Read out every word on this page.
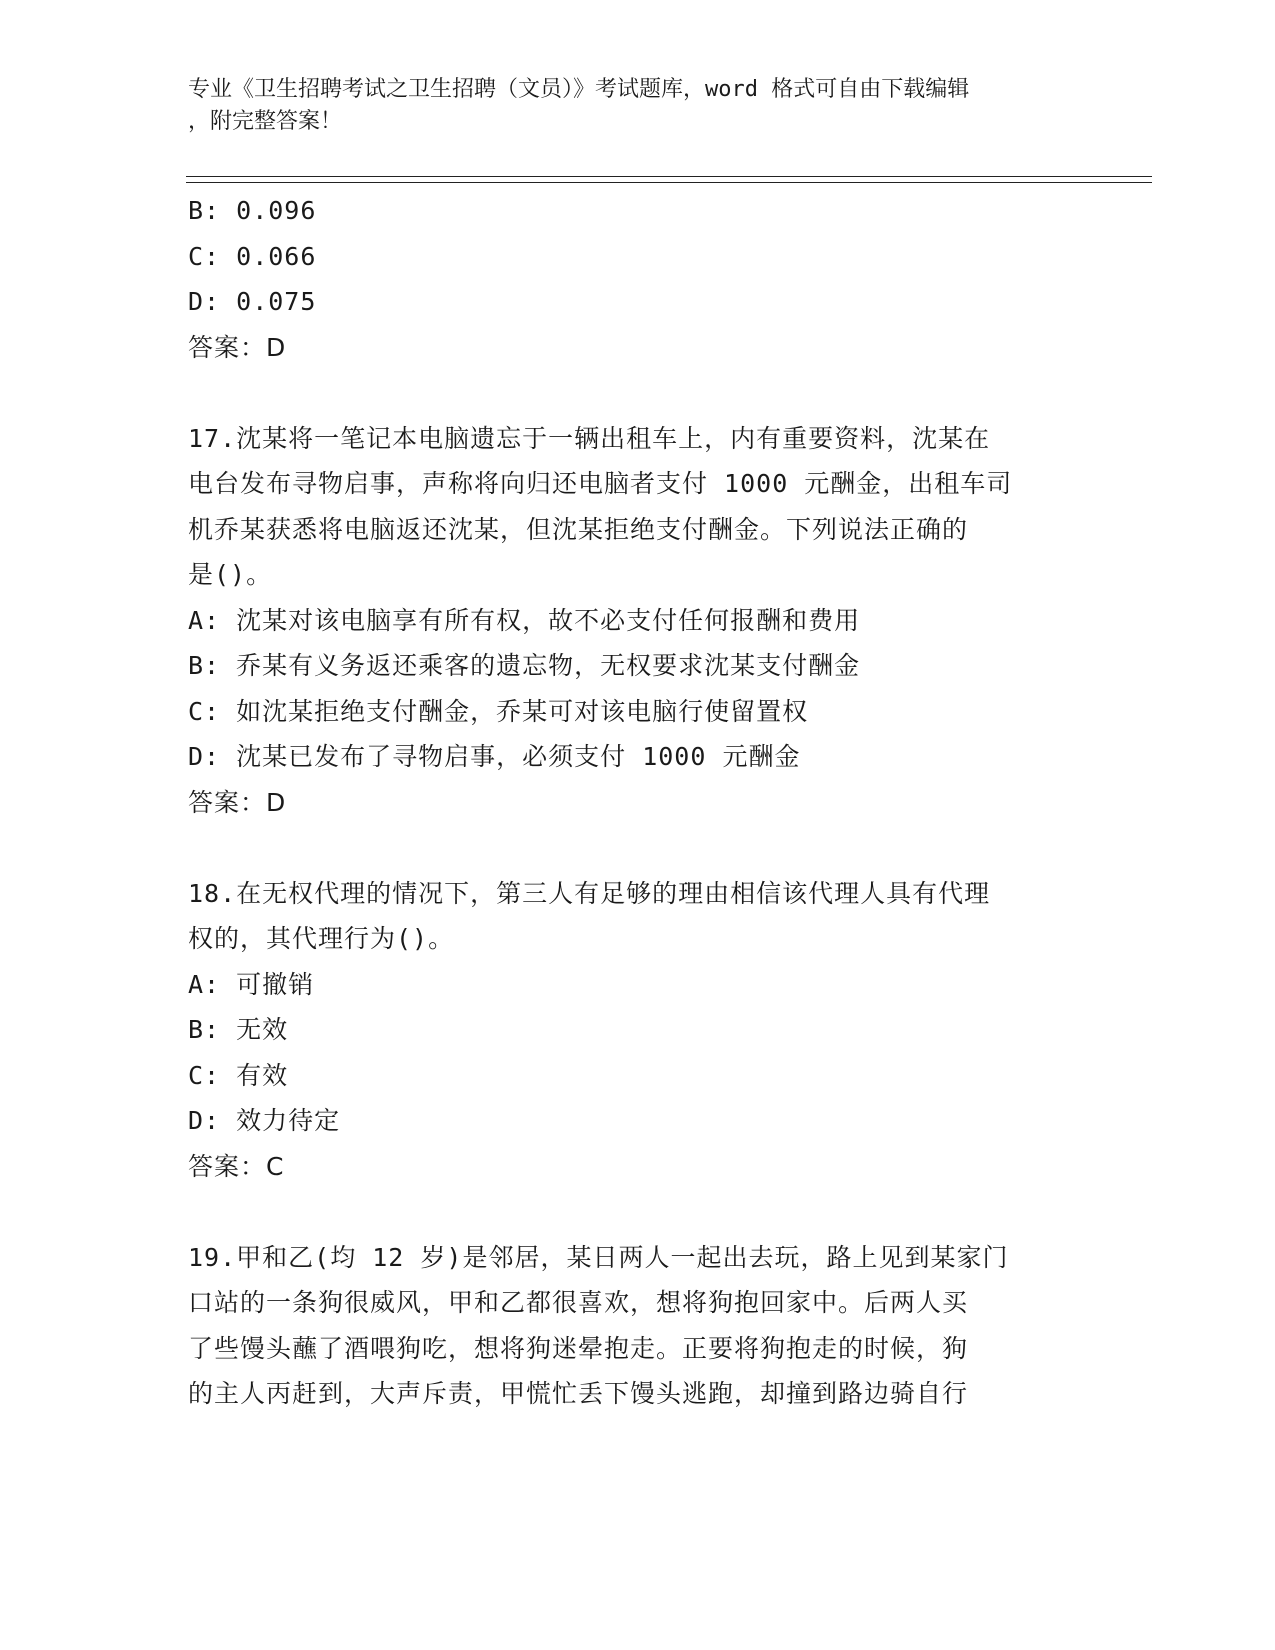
专业《卫生招聘考试之卫生招聘（文员）》考试题库，word 格式可自由下载编辑
，附完整答案！
B: 0.096
C: 0.066
D: 0.075
答案：D
17.沈某将一笔记本电脑遗忘于一辆出租车上，内有重要资料，沈某在
电台发布寻物启事，声称将向归还电脑者支付 1000 元酬金，出租车司
机乔某获悉将电脑返还沈某，但沈某拒绝支付酬金。下列说法正确的
是()。
A: 沈某对该电脑享有所有权，故不必支付任何报酬和费用
B: 乔某有义务返还乘客的遗忘物，无权要求沈某支付酬金
C: 如沈某拒绝支付酬金，乔某可对该电脑行使留置权
D: 沈某已发布了寻物启事，必须支付 1000 元酬金
答案：D
18.在无权代理的情况下，第三人有足够的理由相信该代理人具有代理
权的，其代理行为()。
A: 可撤销
B: 无效
C: 有效
D: 效力待定
答案：C
19.甲和乙(均 12 岁)是邻居，某日两人一起出去玩，路上见到某家门
口站的一条狗很威风，甲和乙都很喜欢，想将狗抱回家中。后两人买
了些馒头蘸了酒喂狗吃，想将狗迷晕抱走。正要将狗抱走的时候，狗
的主人丙赶到，大声斥责，甲慌忙丢下馒头逃跑，却撞到路边骑自行
